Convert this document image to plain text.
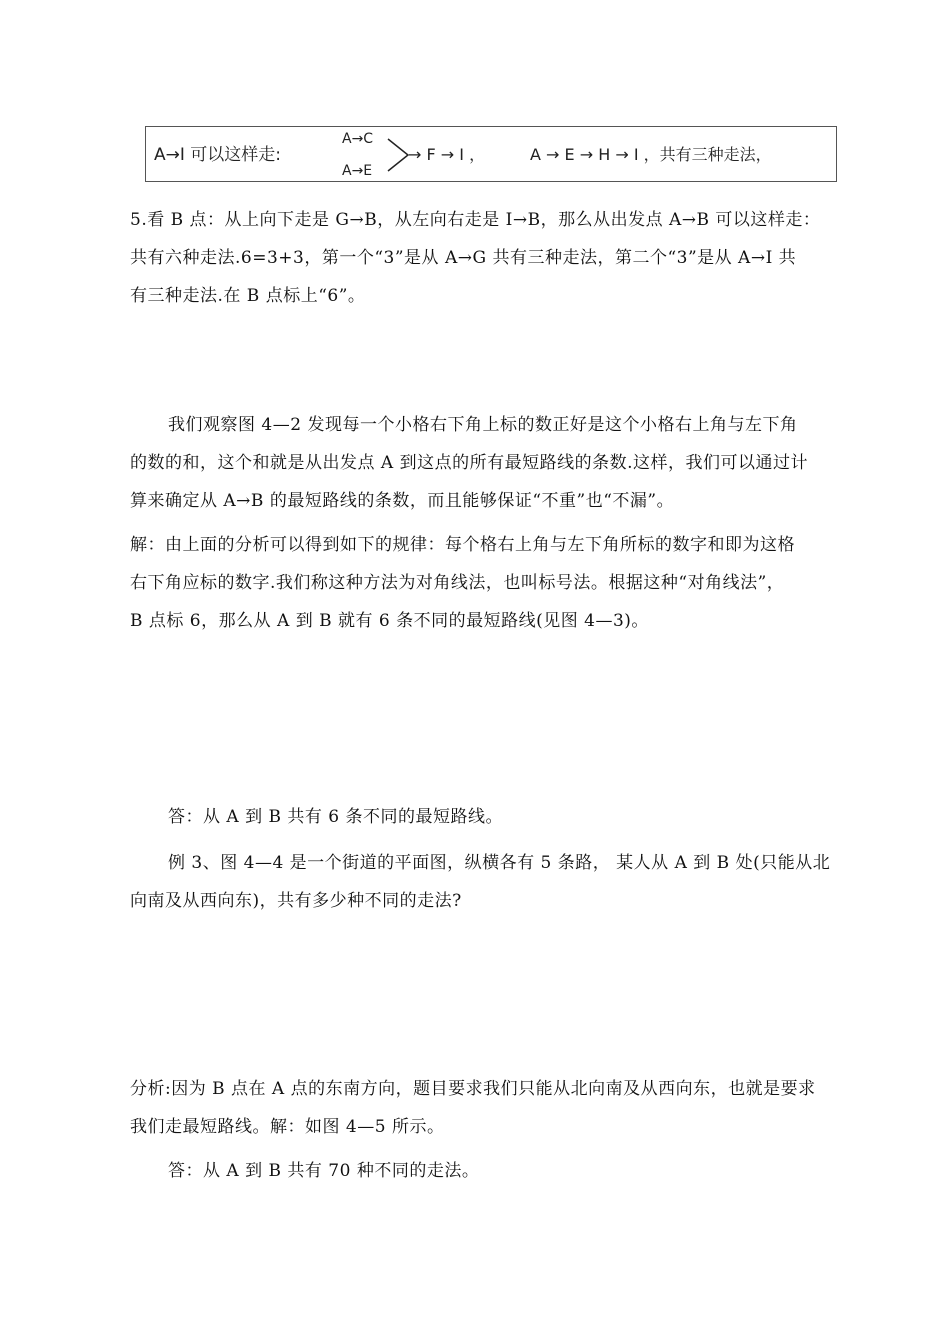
A→I 可以这样走:
A→C
A→E
→ F → I ，	A → E → H → I ，共有三种走法，
5.看 B 点：从上向下走是 G→B，从左向右走是 I→B，那么从出发点 A→B 可以这样走：
共有六种走法.6=3+3，第一个“3”是从 A→G 共有三种走法，第二个“3”是从 A→I 共
有三种走法.在 B 点标上“6”。
我们观察图 4—2 发现每一个小格右下角上标的数正好是这个小格右上角与左下角
的数的和，这个和就是从出发点 A 到这点的所有最短路线的条数.这样，我们可以通过计
算来确定从 A→B 的最短路线的条数，而且能够保证“不重”也“不漏”。
解：由上面的分析可以得到如下的规律：每个格右上角与左下角所标的数字和即为这格
右下角应标的数字.我们称这种方法为对角线法，也叫标号法。根据这种“对角线法”，
B 点标 6，那么从 A 到 B 就有 6 条不同的最短路线(见图 4—3)。
答：从 A 到 B 共有 6 条不同的最短路线。
例 3、图 4—4 是一个街道的平面图，纵横各有 5 条路， 某人从 A 到 B 处(只能从北
向南及从西向东)，共有多少种不同的走法?
分析:因为 B 点在 A 点的东南方向，题目要求我们只能从北向南及从西向东，也就是要求
我们走最短路线。解：如图 4—5 所示。
答：从 A 到 B 共有 70 种不同的走法。
